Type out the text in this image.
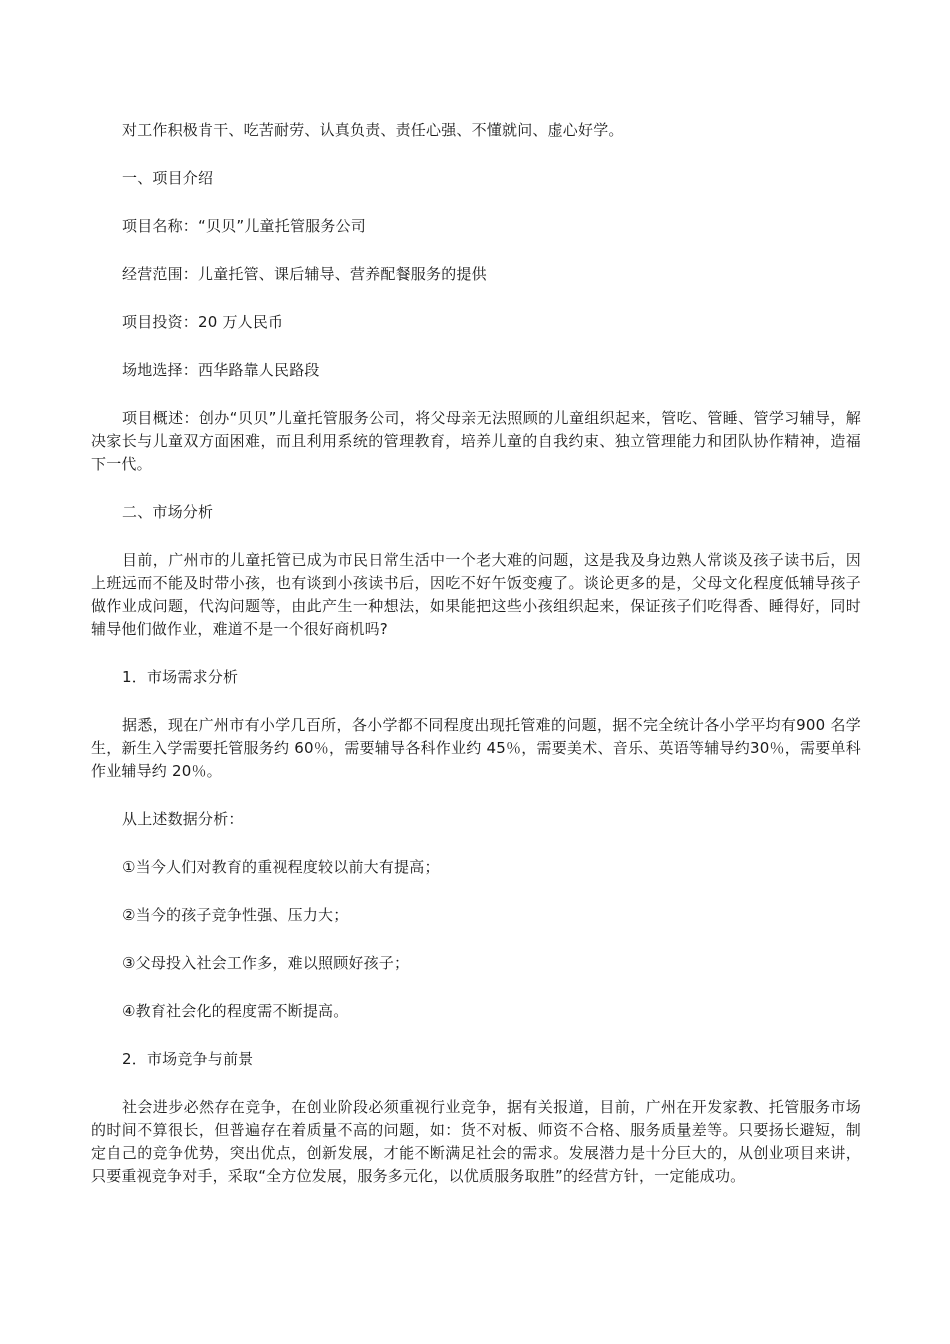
对工作积极肯干、吃苦耐劳、认真负责、责任心强、不懂就问、虚心好学。

一、项目介绍

项目名称：“贝贝”儿童托管服务公司

经营范围：儿童托管、课后辅导、营养配餐服务的提供

项目投资：20 万人民币

场地选择：西华路靠人民路段

项目概述：创办“贝贝”儿童托管服务公司，将父母亲无法照顾的儿童组织起来，管吃、管睡、管学习辅导，解决家长与儿童双方面困难，而且利用系统的管理教育，培养儿童的自我约束、独立管理能力和团队协作精神，造福下一代。

二、市场分析

目前，广州市的儿童托管已成为市民日常生活中一个老大难的问题，这是我及身边熟人常谈及孩子读书后，因上班远而不能及时带小孩，也有谈到小孩读书后，因吃不好午饭变瘦了。谈论更多的是，父母文化程度低辅导孩子做作业成问题，代沟问题等，由此产生一种想法，如果能把这些小孩组织起来，保证孩子们吃得香、睡得好，同时辅导他们做作业，难道不是一个很好商机吗?

1．市场需求分析

据悉，现在广州市有小学几百所，各小学都不同程度出现托管难的问题，据不完全统计各小学平均有900 名学生，新生入学需要托管服务约 60％，需要辅导各科作业约 45％，需要美术、音乐、英语等辅导约30％，需要单科作业辅导约 20％。

从上述数据分析：

①当今人们对教育的重视程度较以前大有提高；

②当今的孩子竞争性强、压力大；

③父母投入社会工作多，难以照顾好孩子；

④教育社会化的程度需不断提高。

2．市场竞争与前景

社会进步必然存在竞争，在创业阶段必须重视行业竞争，据有关报道，目前，广州在开发家教、托管服务市场的时间不算很长，但普遍存在着质量不高的问题，如：货不对板、师资不合格、服务质量差等。只要扬长避短，制定自己的竞争优势，突出优点，创新发展，才能不断满足社会的需求。发展潜力是十分巨大的，从创业项目来讲，只要重视竞争对手，采取“全方位发展，服务多元化，以优质服务取胜”的经营方针，一定能成功。
